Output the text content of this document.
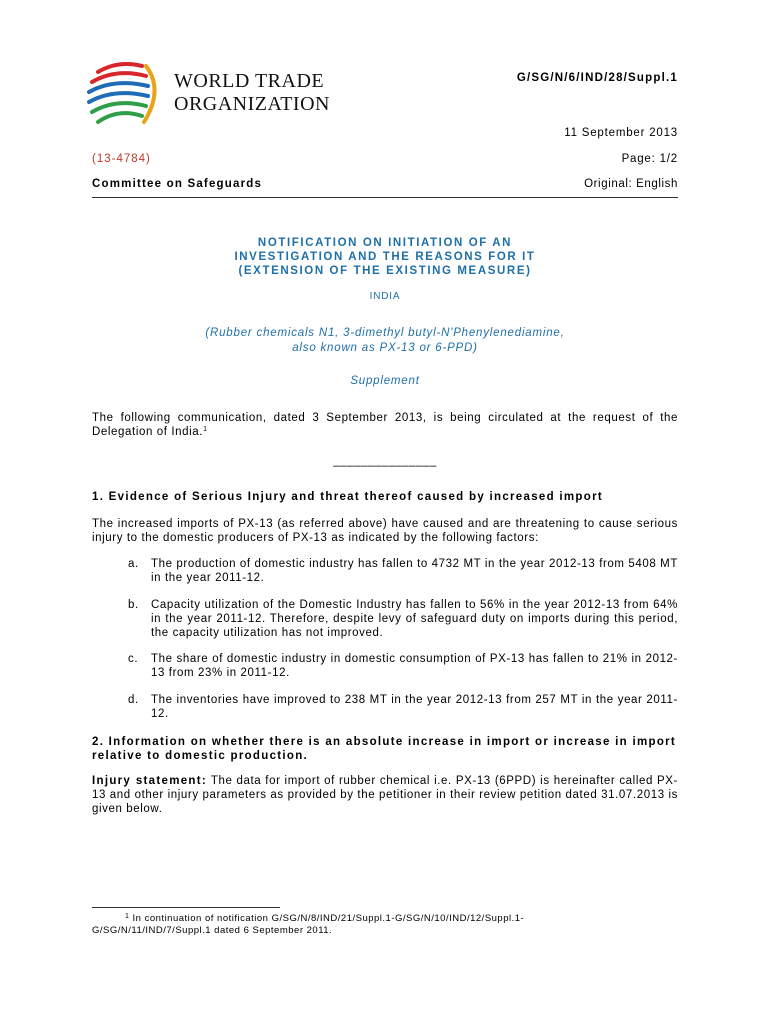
WORLD TRADE
ORGANIZATION
G/SG/N/6/IND/28/Suppl.1
11 September 2013
(13-4784)	Page: 1/2
Committee on Safeguards	Original: English
NOTIFICATION ON INITIATION OF AN
INVESTIGATION AND THE REASONS FOR IT
(EXTENSION OF THE EXISTING MEASURE)
INDIA
(Rubber chemicals N1, 3-dimethyl butyl-N'Phenylenediamine,
also known as PX-13 or 6-PPD)
Supplement
The following communication, dated 3 September 2013, is being circulated at the request of the Delegation of India.$^1$
_______________
1. Evidence of Serious Injury and threat thereof caused by increased import
The increased imports of PX-13 (as referred above) have caused and are threatening to cause serious injury to the domestic producers of PX-13 as indicated by the following factors:
a. The production of domestic industry has fallen to 4732 MT in the year 2012-13 from 5408 MT in the year 2011-12.
b. Capacity utilization of the Domestic Industry has fallen to 56% in the year 2012-13 from 64% in the year 2011-12. Therefore, despite levy of safeguard duty on imports during this period, the capacity utilization has not improved.
c. The share of domestic industry in domestic consumption of PX-13 has fallen to 21% in 2012-13 from 23% in 2011-12.
d. The inventories have improved to 238 MT in the year 2012-13 from 257 MT in the year 2011-12.
2. Information on whether there is an absolute increase in import or increase in import relative to domestic production.
Injury statement: The data for import of rubber chemical i.e. PX-13 (6PPD) is hereinafter called PX-13 and other injury parameters as provided by the petitioner in their review petition dated 31.07.2013 is given below.
$^1$ In continuation of notification G/SG/N/8/IND/21/Suppl.1-G/SG/N/10/IND/12/Suppl.1-
G/SG/N/11/IND/7/Suppl.1 dated 6 September 2011.
